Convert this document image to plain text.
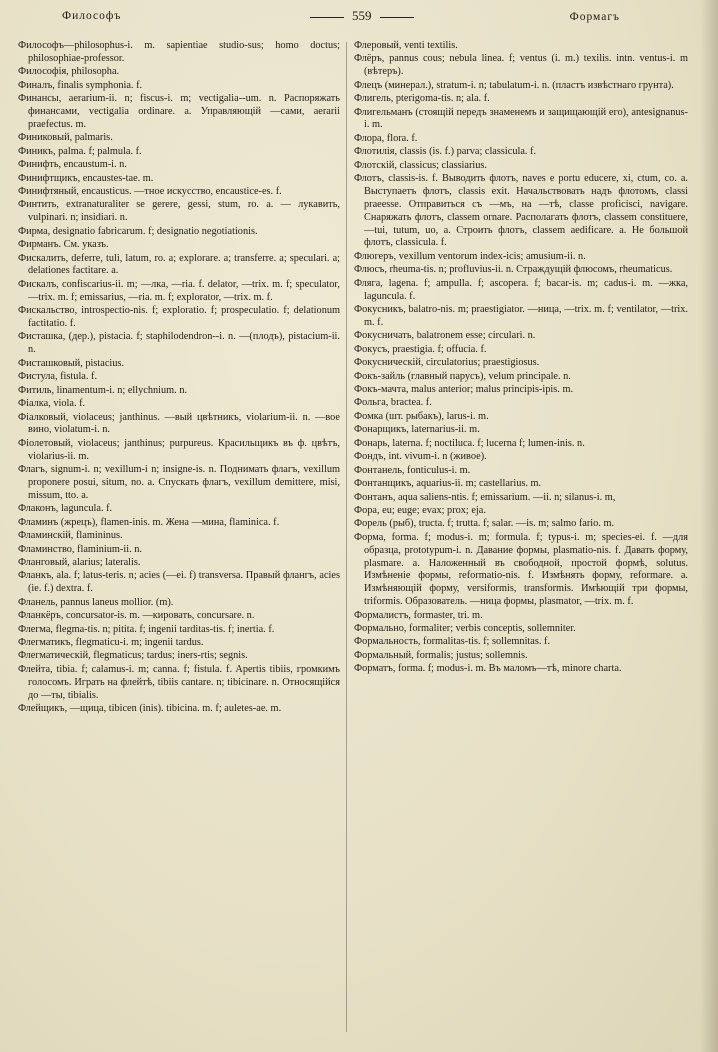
Философъ	559	Формагъ

Философъ—philosophus-i. m. sapientiae studio-sus; homo doctus; philosophiae-professor.

Философія, philosopha.

Финалъ, finalis symphonia. f.

Финансы, aerarium-ii. n; fiscus-i. m; vectigalia--um. n. Распоряжать финансами, vectigalia ordinare. a. Управляющій —сами, aerarii praefectus. m.

Финиковый, palmaris.

Финикъ, palma. f; palmula. f.

Финифть, encaustum-i. n.

Финифтщикъ, encaustes-tae. m.

Финифтяный, encausticus. —тное искусство, encausticе-es. f.

Финтить, extranaturaliter se gerere, gessi, stum, ro. a. — лукавить, vulpinari. n; insidiari. n.

Фирма, designatio fabricarum. f; designatio negotiationis.

Фирманъ. См. указъ.

Фискалить, deferre, tuli, latum, ro. a; explorare. a; transferre. a; speculari. a; delationes factitare. a.

Фискалъ, confiscarius-ii. m; —лка, —ria. f. delator, —trix. m. f; speculator, —trix. m. f; emissarius, —ria. m. f; explorator, —trix. m. f.

Фискальство, introspectio-nis. f; exploratio. f; prospeculatio. f; delationum factitatio. f.

Фисташка, (дер.), pistacia. f; staphilodendron--i. n. —(плодъ), pistacium-ii. n.

Фисташковый, pistacius.

Фистула, fistula. f.

Фитиль, linamentum-i. n; ellychnium. n.

Фіалка, viola. f.

Фіалковый, violaceus; janthinus. —вый цвѣтникъ, violarium-ii. n. —вое вино, violatum-i. n.

Фіолетовый, violaceus; janthinus; purpureus. Красильщикъ въ ф. цвѣтъ, violarius-ii. m.

Флагъ, signum-i. n; vexillum-i n; insigne-is. n. Поднимать флагъ, vexillum proponere posui, situm, no. a. Спускать флагъ, vexillum demittere, misi, missum, tto. a.

Флаконъ, laguncula. f.

Фламинъ (жрецъ), flamen-inis. m. Жена —мина, flaminica. f.

Фламинскій, flamininus.

Фламинство, flaminium-ii. n.

Фланговый, alarius; lateralis.

Фланкъ, ala. f; latus-teris. n; acies (—ei. f) transversa. Правый флангъ, acies (ie. f.) dextra. f.

Фланель, pannus laneus mollior. (m).

Фланкёръ, concursator-is. m. —кировать, concursare. n.

Флегма, flegma-tis. n; pitita. f; ingenii tarditas-tis. f; inertia. f.

Флегматикъ, flegmaticu-i. m; ingenii tardus.

Флегматическій, flegmaticus; tardus; iners-rtis; segnis.

Флейта, tibia. f; calamus-i. m; canna. f; fistula. f. Apertis tibiis, громкимъ голосомъ. Играть на флейтѣ, tibiis cantare. n; tibicinare. n. Относящійся до —ты, tibialis.

Флейщикъ, —щица, tibicen (inis). tibicina. m. f; auletes-ae. m.

Флеровый, venti textilis.

Флёръ, pannus cous; nebula linea. f; ventus (i. m.) texilis. intn. ventus-i. m (вѣтеръ).

Флецъ (минерал.), stratum-i. n; tabulatum-i. n. (пластъ извѣстнаго грунта).

Флигель, pterigoma-tis. n; ala. f.

Флигельманъ (стоящій передъ знаменемъ и защищающій его), antesignanus-i. m.

Флора, flora. f.

Флотилія, classis (is. f.) parva; classicula. f.

Флотскій, classicus; classiarius.

Флотъ, classis-is. f. Выводить флотъ, naves e portu educere, xi, ctum, co. a. Выступаетъ флотъ, classis exit. Начальствовать надъ флотомъ, classi praeesse. Отправиться съ —мъ, на —тѣ, classe proficisci, navigare. Снаряжать флотъ, classem ornare. Располагать флотъ, classem constituere, —tui, tutum, uo, a. Строить флотъ, classem aedificare. a. Не большой флотъ, classicula. f.

Флюгеръ, vexillum ventorum index-icis; amusium-ii. n.

Флюсъ, rheuma-tis. n; profluvius-ii. n. Страждущій флюсомъ, rheumaticus.

Фляга, lagena. f; ampulla. f; ascopera. f; bacar-is. m; cadus-i. m. —жка, laguncula. f.

Фокусникъ, balatro-nis. m; praestigiator. —ница, —trix. m. f; ventilator, —trix. m. f.

Фокусничать, balatronem esse; circulari. n.

Фокусъ, praestigia. f; offucia. f.

Фокусническій, circulatorius; praestigiosus.

Фокъ-зайль (главный парусъ), velum principale. n.

Фокъ-мачта, malus anterior; malus principis-ipis. m.

Фольга, bractea. f.

Фомка (шт. рыбакъ), larus-i. m.

Фонарщикъ, laternarius-ii. m.

Фонарь, laterna. f; noctiluca. f; lucerna f; lumen-inis. n.

Фондъ, int. vivum-i. n (живое).

Фонтанель, fonticulus-i. m.

Фонтанщикъ, aquarius-ii. m; castellarius. m.

Фонтанъ, aqua saliens-ntis. f; emissarium. —ii. n; silanus-i. m,

Фора, eu; euge; evax; prox; eja.

Форель (рыб), tructa. f; trutta. f; salar. —is. m; salmo fario. m.

Форма, forma. f; modus-i. m; formula. f; typus-i. m; species-ei. f. —для образца, prototypum-i. n. Давание формы, plasmatio-nis. f. Давать форму, plasmare. a. Наложенный въ свободной, простой формѣ, solutus. Измѣненіе формы, reformatio-nis. f. Измѣнять форму, reformare. a. Измѣняющій форму, versiformis, transformis. Имѣющій три формы, triformis. Образователь. —ница формы, plasmator, —trix. m. f.

Формалистъ, formaster, tri. m.

Формально, formaliter; verbis conceptis, sollemniter.

Формальность, formalitas-tis. f; sollemnitas. f.

Формальный, formalis; justus; sollemnis.

Форматъ, forma. f; modus-i. m. Въ маломъ—тѣ, minore charta.
